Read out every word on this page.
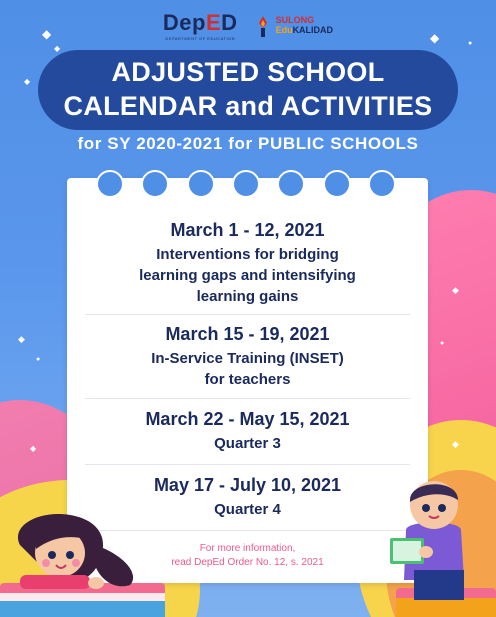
◆
◆
◆	●
◆
◆
◆
●
●
◆	◆
DepED
DEPARTMENT OF EDUCATION
SULONG
EduKALIDAD
ADJUSTED SCHOOL
CALENDAR and ACTIVITIES
for SY 2020-2021 for PUBLIC SCHOOLS
March 1 - 12, 2021
Interventions for bridging
learning gaps and intensifying
learning gains
March 15 - 19, 2021
In-Service Training (INSET)
for teachers
March 22 - May 15, 2021
Quarter 3
May 17 - July 10, 2021
Quarter 4
For more information,
read DepEd Order No. 12, s. 2021
